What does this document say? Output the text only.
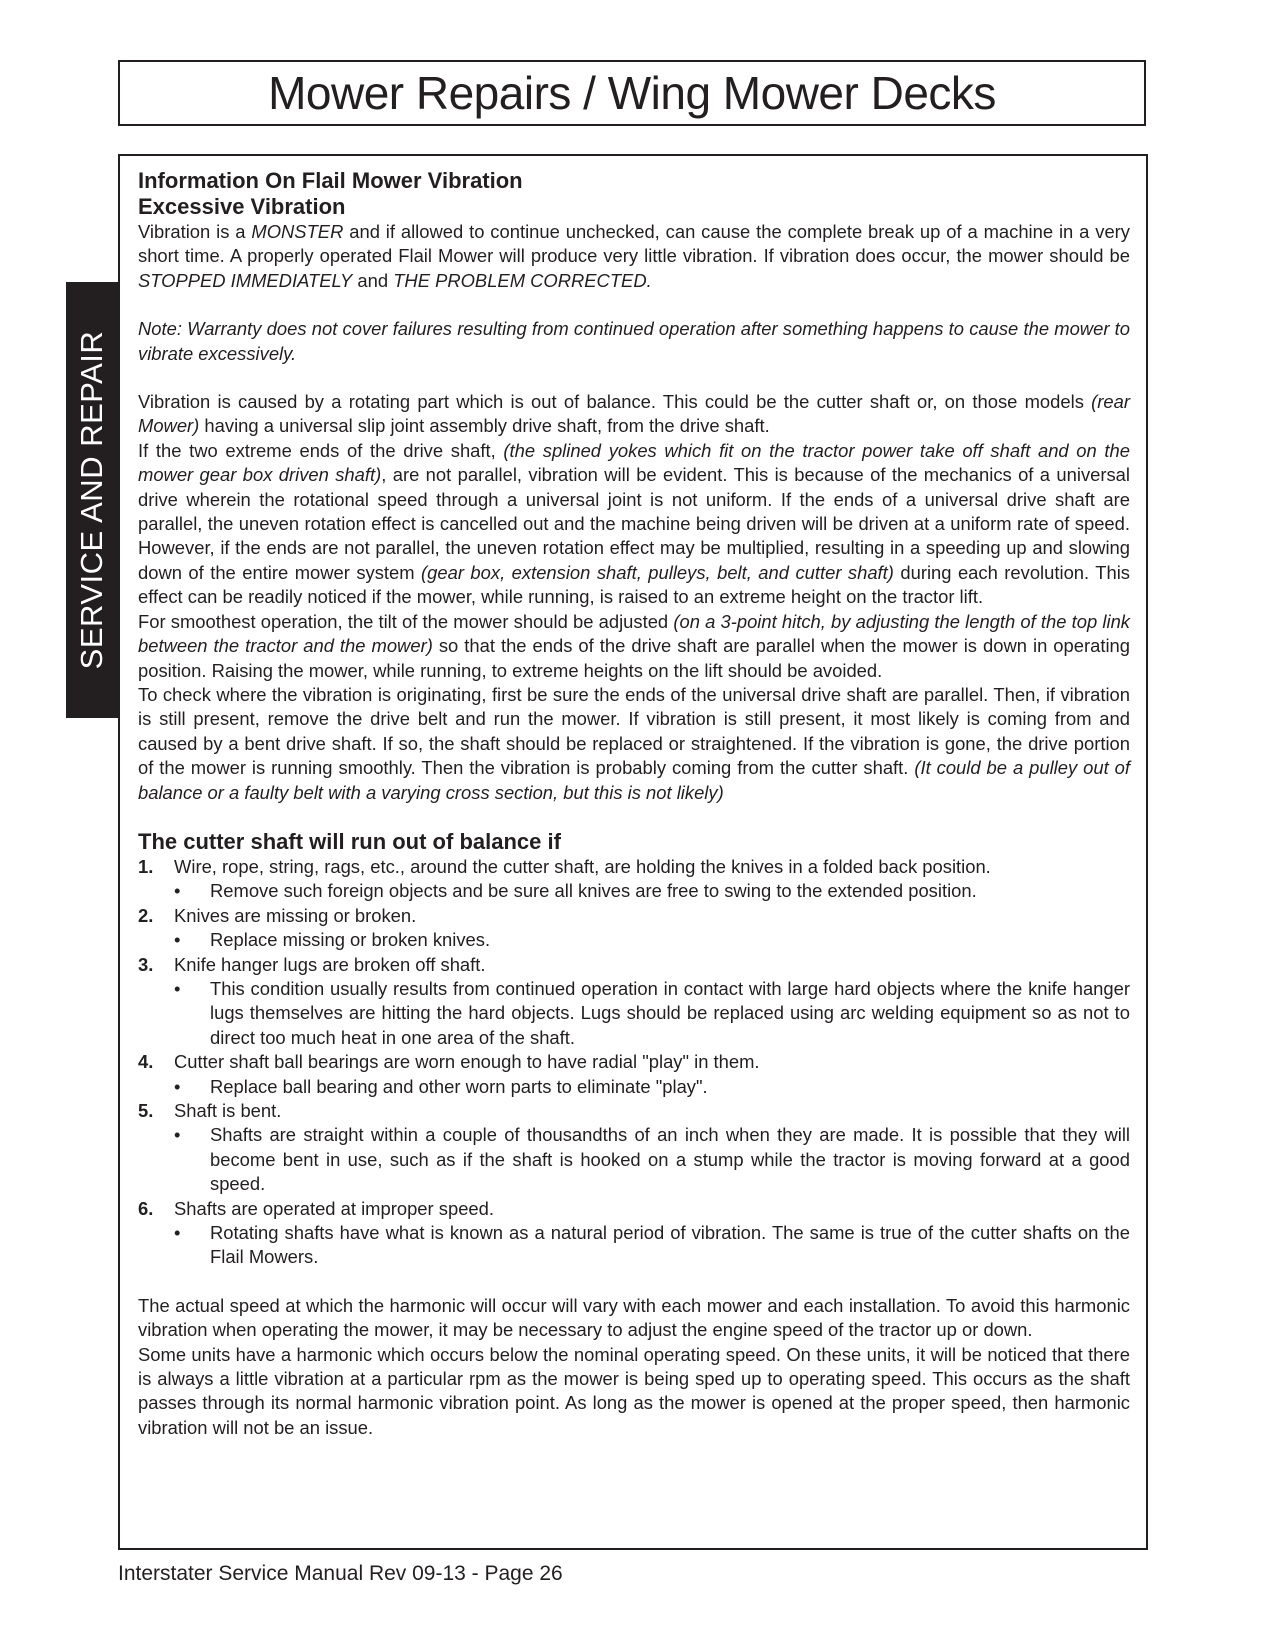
Mower Repairs / Wing Mower Decks
SERVICE AND REPAIR
Information On Flail Mower Vibration
Excessive Vibration

Vibration is a MONSTER and if allowed to continue unchecked, can cause the complete break up of a machine in a very short time. A properly operated Flail Mower will produce very little vibration. If vibration does occur, the mower should be STOPPED IMMEDIATELY and THE PROBLEM CORRECTED.

Note: Warranty does not cover failures resulting from continued operation after something happens to cause the mower to vibrate excessively.

Vibration is caused by a rotating part which is out of balance. This could be the cutter shaft or, on those models (rear Mower) having a universal slip joint assembly drive shaft, from the drive shaft.

If the two extreme ends of the drive shaft, (the splined yokes which fit on the tractor power take off shaft and on the mower gear box driven shaft), are not parallel, vibration will be evident. This is because of the mechanics of a universal drive wherein the rotational speed through a universal joint is not uniform. If the ends of a universal drive shaft are parallel, the uneven rotation effect is cancelled out and the machine being driven will be driven at a uniform rate of speed. However, if the ends are not parallel, the uneven rotation effect may be multiplied, resulting in a speeding up and slowing down of the entire mower system (gear box, extension shaft, pulleys, belt, and cutter shaft) during each revolution. This effect can be readily noticed if the mower, while running, is raised to an extreme height on the tractor lift.

For smoothest operation, the tilt of the mower should be adjusted (on a 3-point hitch, by adjusting the length of the top link between the tractor and the mower) so that the ends of the drive shaft are parallel when the mower is down in operating position. Raising the mower, while running, to extreme heights on the lift should be avoided.

To check where the vibration is originating, first be sure the ends of the universal drive shaft are parallel. Then, if vibration is still present, remove the drive belt and run the mower. If vibration is still present, it most likely is coming from and caused by a bent drive shaft. If so, the shaft should be replaced or straightened. If the vibration is gone, the drive portion of the mower is running smoothly. Then the vibration is probably coming from the cutter shaft. (It could be a pulley out of balance or a faulty belt with a varying cross section, but this is not likely)

The cutter shaft will run out of balance if
1. Wire, rope, string, rags, etc., around the cutter shaft, are holding the knives in a folded back position.
• Remove such foreign objects and be sure all knives are free to swing to the extended position.
2. Knives are missing or broken.
• Replace missing or broken knives.
3. Knife hanger lugs are broken off shaft.
• This condition usually results from continued operation in contact with large hard objects where the knife hanger lugs themselves are hitting the hard objects. Lugs should be replaced using arc welding equipment so as not to direct too much heat in one area of the shaft.
4. Cutter shaft ball bearings are worn enough to have radial "play" in them.
• Replace ball bearing and other worn parts to eliminate "play".
5. Shaft is bent.
• Shafts are straight within a couple of thousandths of an inch when they are made. It is possible that they will become bent in use, such as if the shaft is hooked on a stump while the tractor is moving forward at a good speed.
6. Shafts are operated at improper speed.
• Rotating shafts have what is known as a natural period of vibration. The same is true of the cutter shafts on the Flail Mowers.

The actual speed at which the harmonic will occur will vary with each mower and each installation. To avoid this harmonic vibration when operating the mower, it may be necessary to adjust the engine speed of the tractor up or down.

Some units have a harmonic which occurs below the nominal operating speed. On these units, it will be noticed that there is always a little vibration at a particular rpm as the mower is being sped up to operating speed. This occurs as the shaft passes through its normal harmonic vibration point. As long as the mower is opened at the proper speed, then harmonic vibration will not be an issue.

Interstater Service Manual Rev 09-13 - Page 26
